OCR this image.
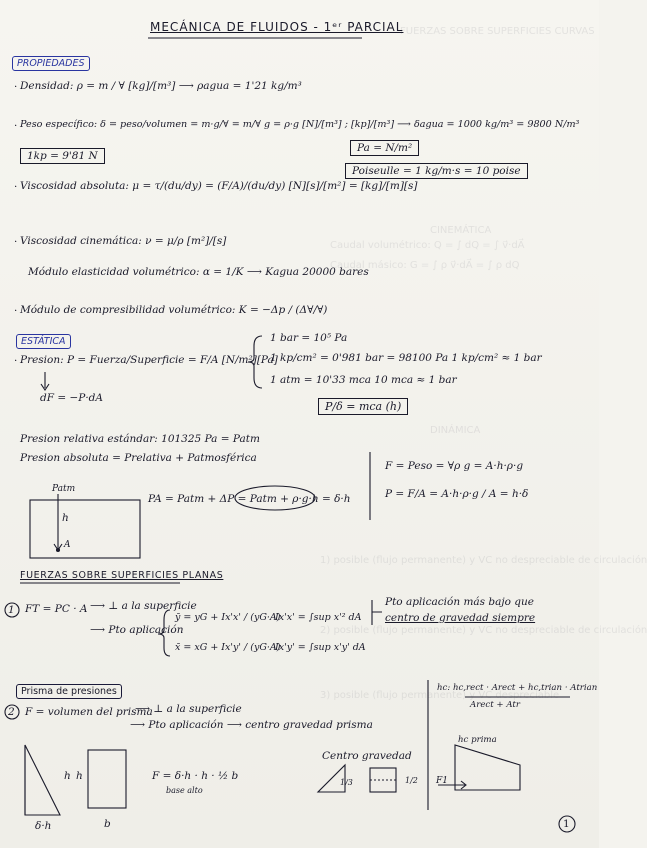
FUERZAS SOBRE SUPERFICIES CURVAS
CINEMÁTICA
Caudal volumétrico: Q = ∫ dQ = ∫ v⃗·dA⃗
Caudal másico: G = ∫ ρ v⃗·dA⃗ = ∫ ρ dQ
DINÁMICA
1) posible (flujo permanente) y VC no despreciable de circulación
2) posible (flujo permanente) y VC no despreciable de circulación
3) posible (flujo permanente) y VC despreciable
MECÁNICA DE FLUIDOS - 1ᵉʳ PARCIAL
PROPIEDADES
· Densidad: ρ = m / ∀ [kg]/[m³] ⟶ ρagua = 1'21 kg/m³
· Peso específico: δ = peso/volumen = m·g/∀ = m/∀ g = ρ·g [N]/[m³] ; [kp]/[m³] ⟶ δagua = 1000 kg/m³ = 9800 N/m³
1kp = 9'81 N
Pa = N/m²
· Viscosidad absoluta: μ = τ/(du/dy) = (F/A)/(du/dy) [N][s]/[m²] = [kg]/[m][s]
Poiseulle = 1 kg/m·s = 10 poise
· Viscosidad cinemática: ν = μ/ρ [m²]/[s]
Módulo elasticidad volumétrico: α = 1/K ⟶ Kagua 20000 bares
· Módulo de compresibilidad volumétrico: K = −Δp / (Δ∀/∀)
ESTÁTICA
· Presion: P = Fuerza/Superficie = F/A [N/m²][Pa]
1 bar = 10⁵ Pa
1 kp/cm² = 0'981 bar = 98100 Pa 1 kp/cm² ≈ 1 bar
1 atm = 10'33 mca 10 mca ≈ 1 bar
dF = −P·dA
P/δ = mca (h)
Presion relativa estándar: 101325 Pa = Patm
Presion absoluta = Prelativa + Patmosférica
F = Peso = ∀ρ g = A·h·ρ·g
P = F/A = A·h·ρ·g / A = h·δ
PA = Patm + ΔP = Patm + ρ·g·h = δ·h
Patm
h
A
FUERZAS SOBRE SUPERFICIES PLANAS
1 FT = PC · A ⟶ ⊥ a la superficie
⟶ Pto aplicación
ȳ = yG + Ix'x' / (yG·A)
x̄ = xG + Ix'y' / (yG·A)
Ix'x' = ∫sup x'² dA
Ix'y' = ∫sup x'y' dA
Pto aplicación más bajo que
centro de gravedad siempre
Prisma de presiones
2 F = volumen del prisma
⟶ ⊥ a la superficie
⟶ Pto aplicación ⟶ centro gravedad prisma
h h
δ·h	b
F = δ·h · h · ½ b
base alto
Centro gravedad
1/3	1/2
hc: hc,rect · Arect + hc,trian · Atrian
Arect + Atr
hc prima
F1
1
